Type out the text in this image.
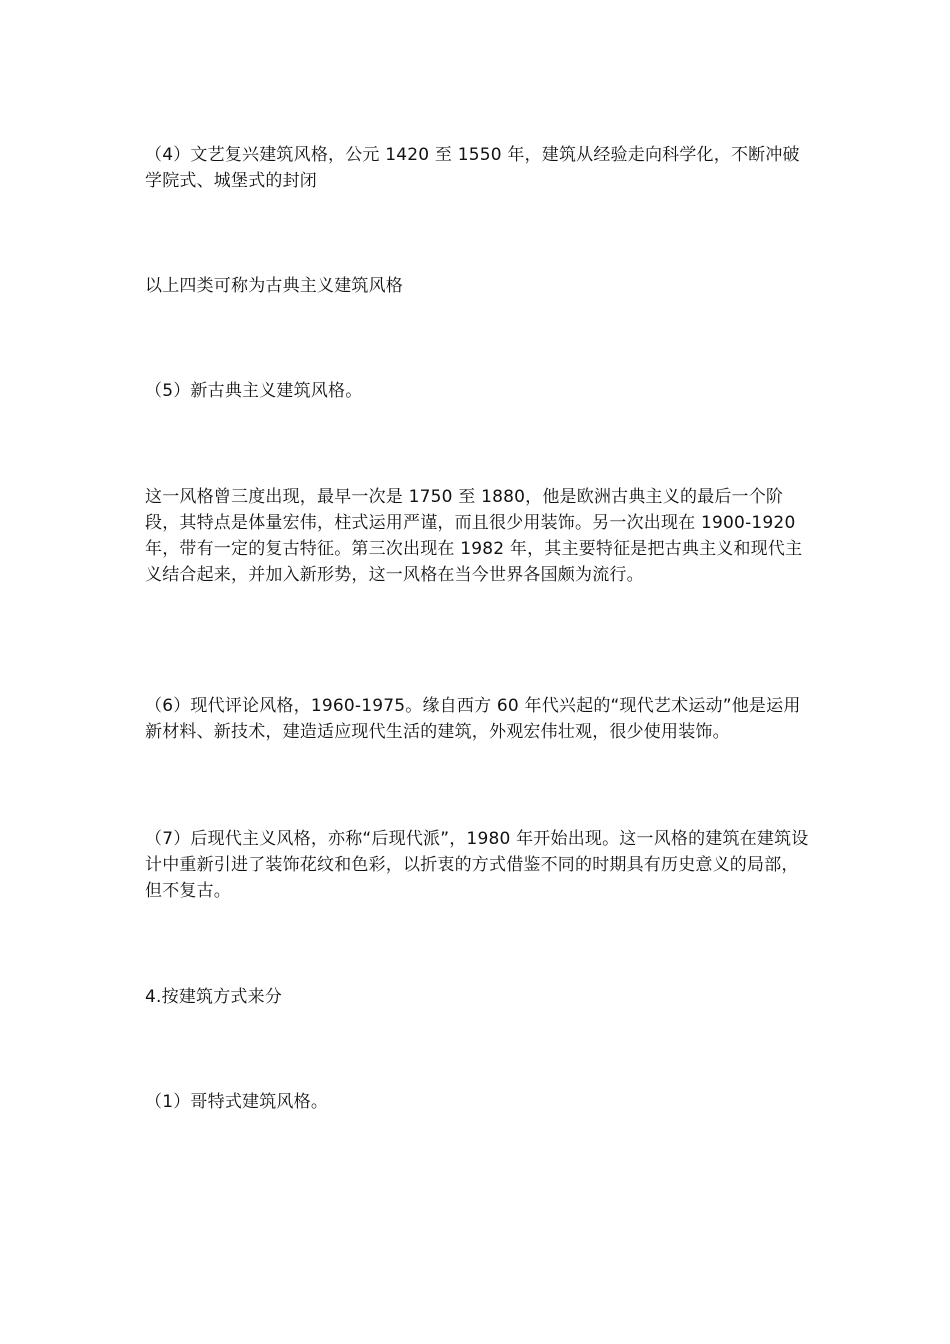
（4）文艺复兴建筑风格，公元 1420 至 1550 年，建筑从经验走向科学化，不断冲破学院式、城堡式的封闭

以上四类可称为古典主义建筑风格

（5）新古典主义建筑风格。

这一风格曾三度出现，最早一次是 1750 至 1880，他是欧洲古典主义的最后一个阶段，其特点是体量宏伟，柱式运用严谨，而且很少用装饰。另一次出现在 1900-1920 年，带有一定的复古特征。第三次出现在 1982 年，其主要特征是把古典主义和现代主义结合起来，并加入新形势，这一风格在当今世界各国颇为流行。

（6）现代评论风格，1960-1975。缘自西方 60 年代兴起的“现代艺术运动”他是运用新材料、新技术，建造适应现代生活的建筑，外观宏伟壮观，很少使用装饰。

（7）后现代主义风格，亦称“后现代派”，1980 年开始出现。这一风格的建筑在建筑设计中重新引进了装饰花纹和色彩，以折衷的方式借鉴不同的时期具有历史意义的局部，但不复古。

4.按建筑方式来分

（1）哥特式建筑风格。
